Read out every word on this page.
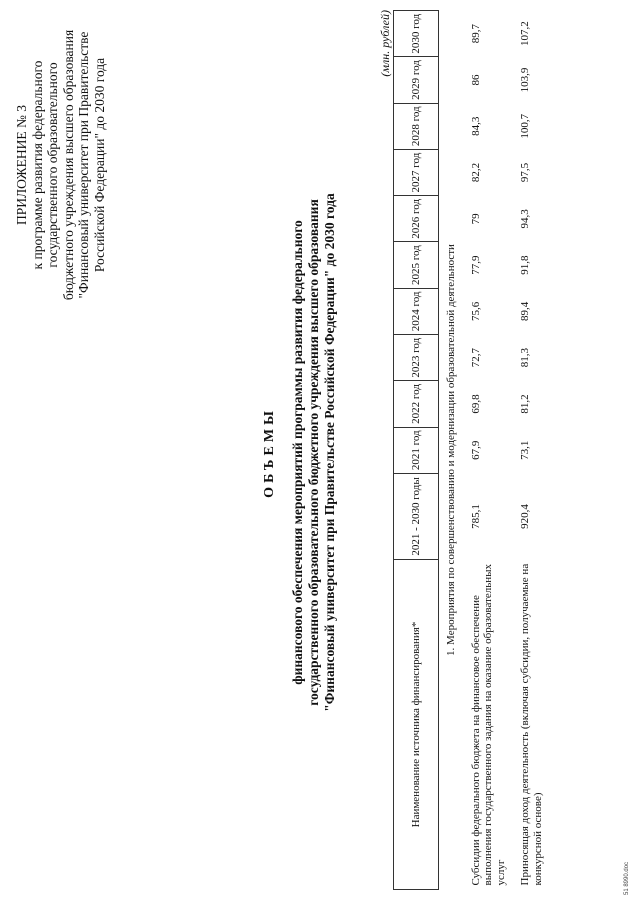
ПРИЛОЖЕНИЕ № 3 к программе развития федерального государственного образовательного бюджетного учреждения высшего образования "Финансовый университет при Правительстве Российской Федерации" до 2030 года
ОБЪЕМЫ финансового обеспечения мероприятий программы развития федерального государственного образовательного бюджетного учреждения высшего образования "Финансовый университет при Правительстве Российской Федерации" до 2030 года
(млн. рублей)
Наименование источника финансирования*	2021 - 2030 годы	2021 год	2022 год	2023 год	2024 год	2025 год	2026 год	2027 год	2028 год	2029 год	2030 год
1. Мероприятия по совершенствованию и модернизации образовательной деятельности											
Субсидии федерального бюджета на финансовое обеспечение выполнения государственного задания на оказание образовательных услуг	785,1	67,9	69,8	72,7	75,6	77,9	79	82,2	84,3	86	89,7
Приносящая доход деятельность (включая субсидии, получаемые на конкурсной основе)	920,4	73,1	81,2	81,3	89,4	91,8	94,3	97,5	100,7	103,9	107,2
51 8990.doc
